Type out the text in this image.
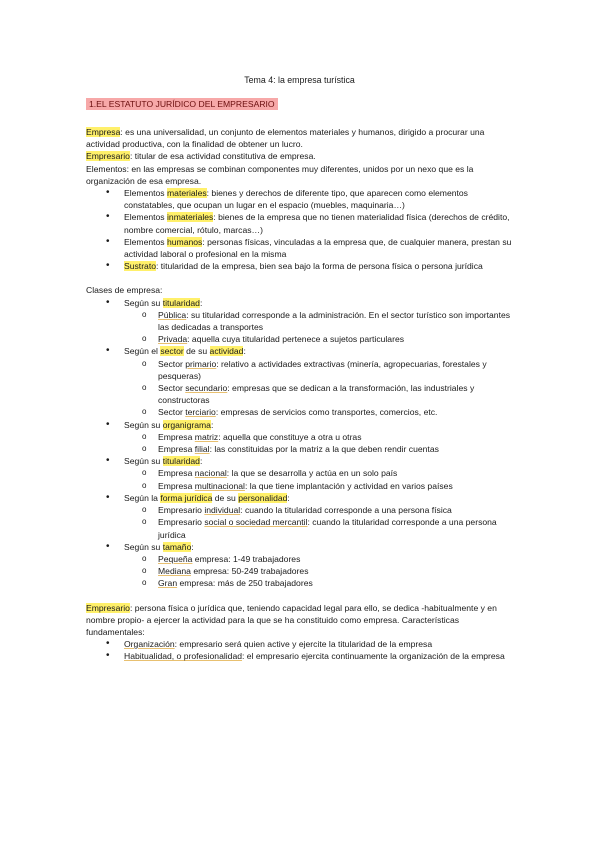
Tema 4: la empresa turística
1.EL ESTATUTO JURÍDICO DEL EMPRESARIO

Empresa: es una universalidad, un conjunto de elementos materiales y humanos, dirigido a procurar una actividad productiva, con la finalidad de obtener un lucro.

Empresario: titular de esa actividad constitutiva de empresa.

Elementos: en las empresas se combinan componentes muy diferentes, unidos por un nexo que es la organización de esa empresa.

• Elementos materiales: bienes y derechos de diferente tipo, que aparecen como elementos constatables, que ocupan un lugar en el espacio (muebles, maquinaria…)
• Elementos inmateriales: bienes de la empresa que no tienen materialidad física (derechos de crédito, nombre comercial, rótulo, marcas…)
• Elementos humanos: personas físicas, vinculadas a la empresa que, de cualquier manera, prestan su actividad laboral o profesional en la misma
• Sustrato: titularidad de la empresa, bien sea bajo la forma de persona física o persona jurídica

Clases de empresa:

• Según su titularidad:
o Pública: su titularidad corresponde a la administración. En el sector turístico son importantes las dedicadas a transportes
o Privada: aquella cuya titularidad pertenece a sujetos particulares
• Según el sector de su actividad:
o Sector primario: relativo a actividades extractivas (minería, agropecuarias, forestales y pesqueras)
o Sector secundario: empresas que se dedican a la transformación, las industriales y constructoras
o Sector terciario: empresas de servicios como transportes, comercios, etc.
• Según su organigrama:
o Empresa matriz: aquella que constituye a otra u otras
o Empresa filial: las constituidas por la matriz a la que deben rendir cuentas
• Según su titularidad:
o Empresa nacional: la que se desarrolla y actúa en un solo país
o Empresa multinacional: la que tiene implantación y actividad en varios países
• Según la forma jurídica de su personalidad:
o Empresario individual: cuando la titularidad corresponde a una persona física
o Empresario social o sociedad mercantil: cuando la titularidad corresponde a una persona jurídica
• Según su tamaño:
o Pequeña empresa: 1-49 trabajadores
o Mediana empresa: 50-249 trabajadores
o Gran empresa: más de 250 trabajadores

Empresario: persona física o jurídica que, teniendo capacidad legal para ello, se dedica -habitualmente y en nombre propio- a ejercer la actividad para la que se ha constituido como empresa. Características fundamentales:

• Organización: empresario será quien active y ejercite la titularidad de la empresa
• Habitualidad, o profesionalidad: el empresario ejercita continuamente la organización de la empresa
